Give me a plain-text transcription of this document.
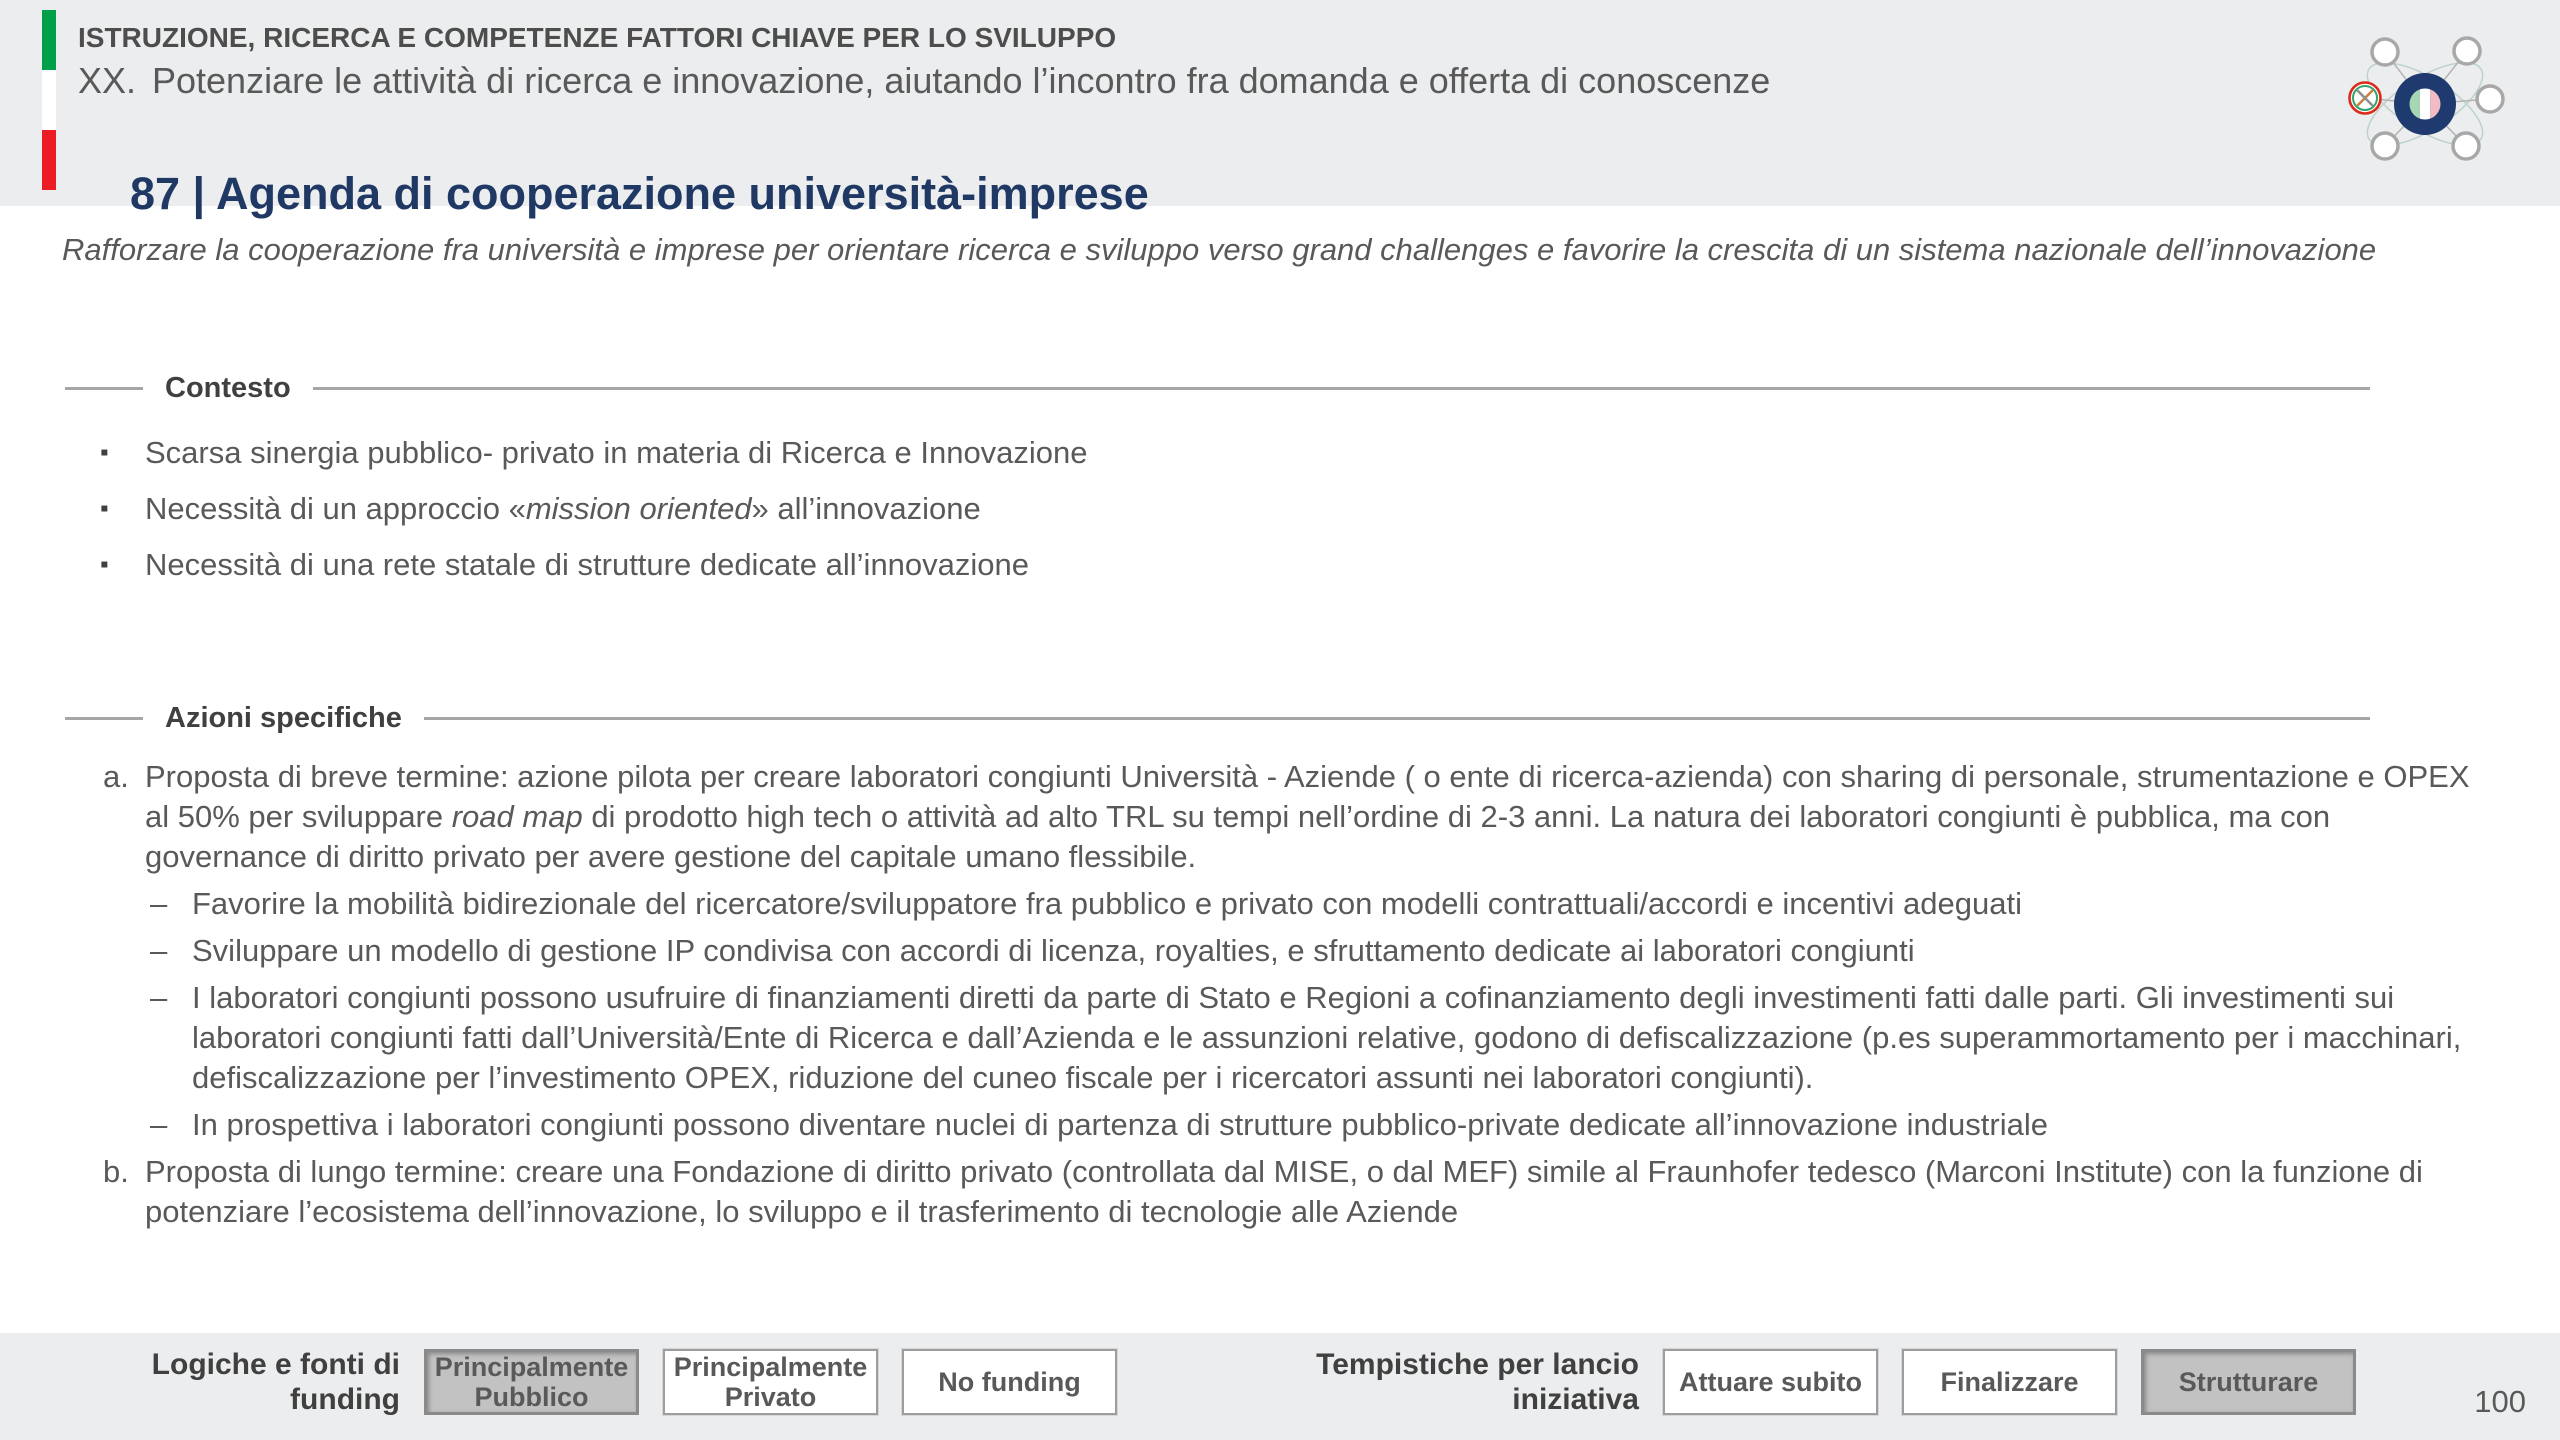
ISTRUZIONE, RICERCA E COMPETENZE FATTORI CHIAVE PER LO SVILUPPO
XX. Potenziare le attività di ricerca e innovazione, aiutando l’incontro fra domanda e offerta di conoscenze
87 | Agenda di cooperazione università-imprese
Rafforzare la cooperazione fra università e imprese per orientare ricerca e sviluppo verso grand challenges e favorire la crescita di un sistema nazionale dell’innovazione
Contesto
▪	Scarsa sinergia pubblico- privato in materia di Ricerca e Innovazione
▪	Necessità di un approccio «mission oriented» all’innovazione
▪	Necessità di una rete statale di strutture dedicate all’innovazione
Azioni specifiche
a. Proposta di breve termine: azione pilota per creare laboratori congiunti Università - Aziende ( o ente di ricerca-azienda) con sharing di personale, strumentazione e OPEX al 50% per sviluppare road map di prodotto high tech o attività ad alto TRL su tempi nell’ordine di 2-3 anni. La natura dei laboratori congiunti è pubblica, ma con governance di diritto privato per avere gestione del capitale umano flessibile.
– Favorire la mobilità bidirezionale del ricercatore/sviluppatore fra pubblico e privato con modelli contrattuali/accordi e incentivi adeguati
– Sviluppare un modello di gestione IP condivisa con accordi di licenza, royalties, e sfruttamento dedicate ai laboratori congiunti
– I laboratori congiunti possono usufruire di finanziamenti diretti da parte di Stato e Regioni a cofinanziamento degli investimenti fatti dalle parti. Gli investimenti sui laboratori congiunti fatti dall’Università/Ente di Ricerca e dall’Azienda e le assunzioni relative, godono di defiscalizzazione (p.es superammortamento per i macchinari, defiscalizzazione per l’investimento OPEX, riduzione del cuneo fiscale per i ricercatori assunti nei laboratori congiunti).
– In prospettiva i laboratori congiunti possono diventare nuclei di partenza di strutture pubblico-private dedicate all’innovazione industriale
b. Proposta di lungo termine: creare una Fondazione di diritto privato (controllata dal MISE, o dal MEF) simile al Fraunhofer tedesco (Marconi Institute) con la funzione di potenziare l’ecosistema dell’innovazione, lo sviluppo e il trasferimento di tecnologie alle Aziende
Logiche e fonti di funding
Principalmente Pubblico
Principalmente Privato	No funding
Tempistiche per lancio iniziativa
Attuare subito	Finalizzare	Strutturare
100
